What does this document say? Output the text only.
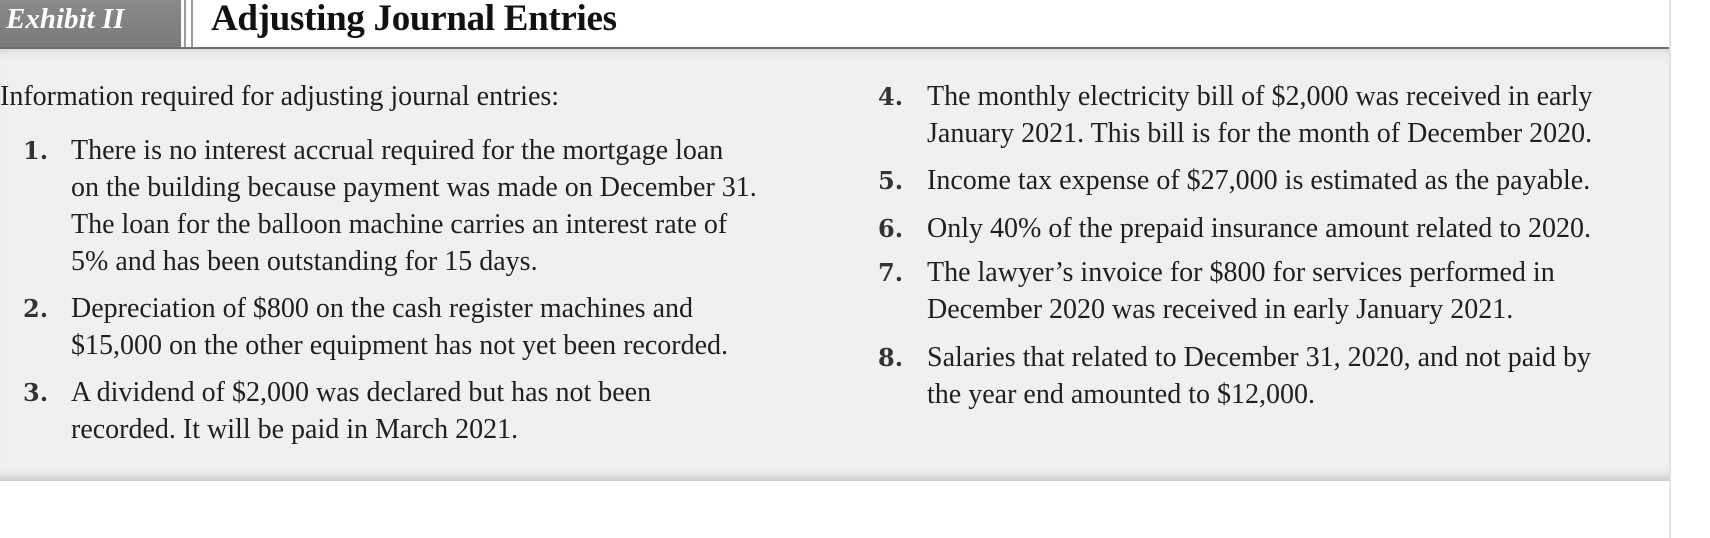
Exhibit II	Adjusting Journal Entries
Information required for adjusting journal entries:
1. There is no interest accrual required for the mortgage loan
on the building because payment was made on December 31.
The loan for the balloon machine carries an interest rate of
5% and has been outstanding for 15 days.
2. Depreciation of $800 on the cash register machines and
$15,000 on the other equipment has not yet been recorded.
3. A dividend of $2,000 was declared but has not been
recorded. It will be paid in March 2021.
4. The monthly electricity bill of $2,000 was received in early
January 2021. This bill is for the month of December 2020.
5. Income tax expense of $27,000 is estimated as the payable.
6. Only 40% of the prepaid insurance amount related to 2020.
7. The lawyer’s invoice for $800 for services performed in
December 2020 was received in early January 2021.
8. Salaries that related to December 31, 2020, and not paid by
the year end amounted to $12,000.
